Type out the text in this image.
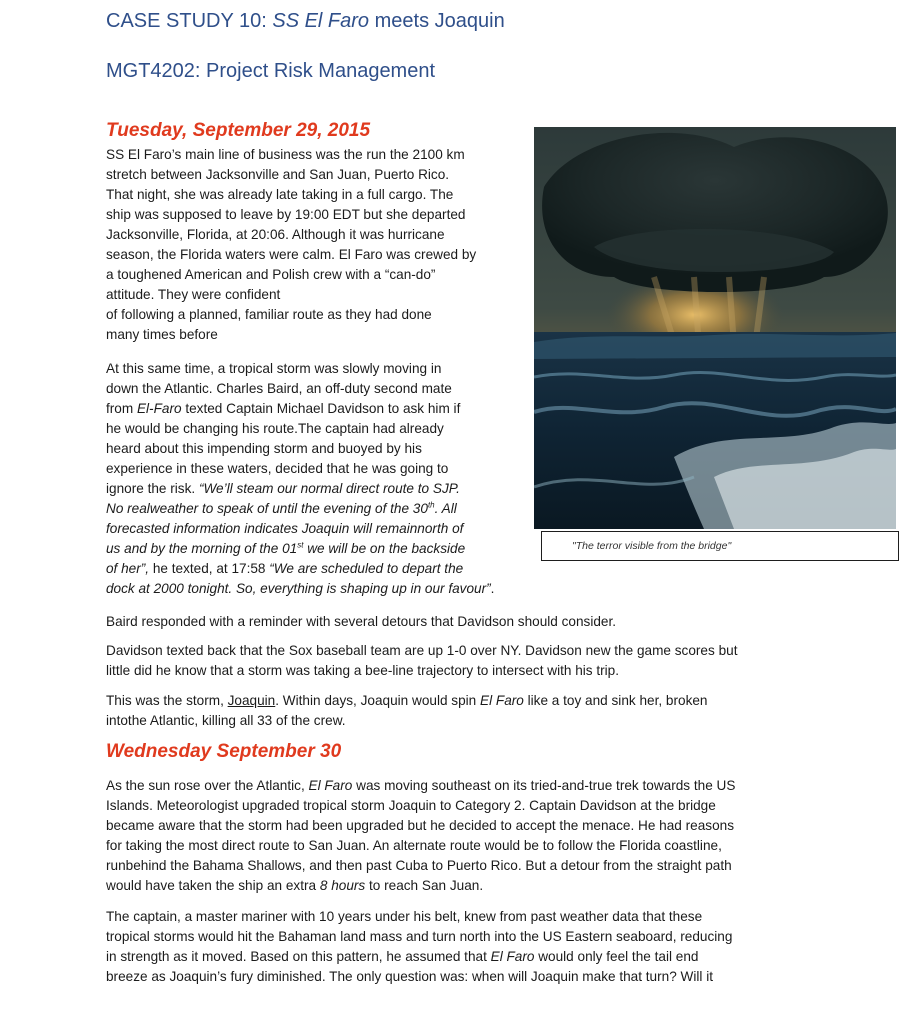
CASE STUDY 10: SS El Faro meets Joaquin
MGT4202: Project Risk Management
Tuesday, September 29, 2015
SS El Faro’s main line of business was the run the 2100 km
stretch between Jacksonville and San Juan, Puerto Rico.
That night, she was already late taking in a full cargo. The
ship was supposed to leave by 19:00 EDT but she departed
Jacksonville, Florida, at 20:06. Although it was hurricane
season, the Florida waters were calm. El Faro was crewed by
a toughened American and Polish crew with a “can-do”
attitude. They were confident
of following a planned, familiar route as they had done
many times before
At this same time, a tropical storm was slowly moving in
down the Atlantic. Charles Baird, an off-duty second mate
from El-Faro texted Captain Michael Davidson to ask him if
he would be changing his route.The captain had already
heard about this impending storm and buoyed by his
experience in these waters, decided that he was going to
ignore the risk. “We’ll steam our normal direct route to SJP.
No realweather to speak of until the evening of the 30th. All
forecasted information indicates Joaquin will remainnorth of
us and by the morning of the 01st we will be on the backside
of her”, he texted, at 17:58 “We are scheduled to depart the
dock at 2000 tonight. So, everything is shaping up in our favour”.
"The terror visible from the bridge"
Baird responded with a reminder with several detours that Davidson should consider.
Davidson texted back that the Sox baseball team are up 1-0 over NY. Davidson new the game scores but
little did he know that a storm was taking a bee-line trajectory to intersect with his trip.
This was the storm, Joaquin. Within days, Joaquin would spin El Faro like a toy and sink her, broken
intothe Atlantic, killing all 33 of the crew.
Wednesday September 30
As the sun rose over the Atlantic, El Faro was moving southeast on its tried-and-true trek towards the US
Islands. Meteorologist upgraded tropical storm Joaquin to Category 2. Captain Davidson at the bridge
became aware that the storm had been upgraded but he decided to accept the menace. He had reasons
for taking the most direct route to San Juan. An alternate route would be to follow the Florida coastline,
runbehind the Bahama Shallows, and then past Cuba to Puerto Rico. But a detour from the straight path
would have taken the ship an extra 8 hours to reach San Juan.
The captain, a master mariner with 10 years under his belt, knew from past weather data that these
tropical storms would hit the Bahaman land mass and turn north into the US Eastern seaboard, reducing
in strength as it moved. Based on this pattern, he assumed that El Faro would only feel the tail end
breeze as Joaquin’s fury diminished. The only question was: when will Joaquin make that turn? Will it
